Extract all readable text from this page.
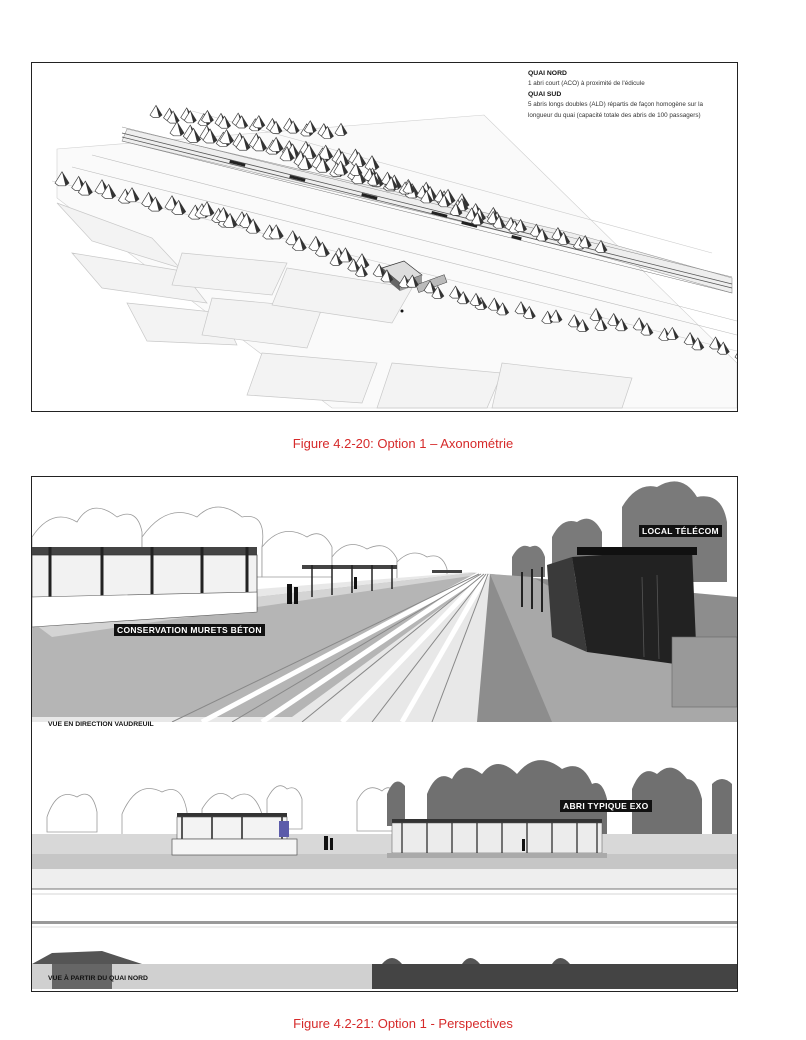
QUAI NORD
1 abri court (ACO) à proximité de l'édicule
QUAI SUD
5 abris longs doubles (ALD) répartis de façon homogène sur la
longueur du quai (capacité totale des abris de 100 passagers)
Figure 4.2-20: Option 1 – Axonométrie
LOCAL TÉLÉCOM
CONSERVATION MURETS BÉTON
VUE EN DIRECTION VAUDREUIL
ABRI TYPIQUE EXO
VUE À PARTIR DU QUAI NORD
Figure 4.2-21: Option 1 - Perspectives
